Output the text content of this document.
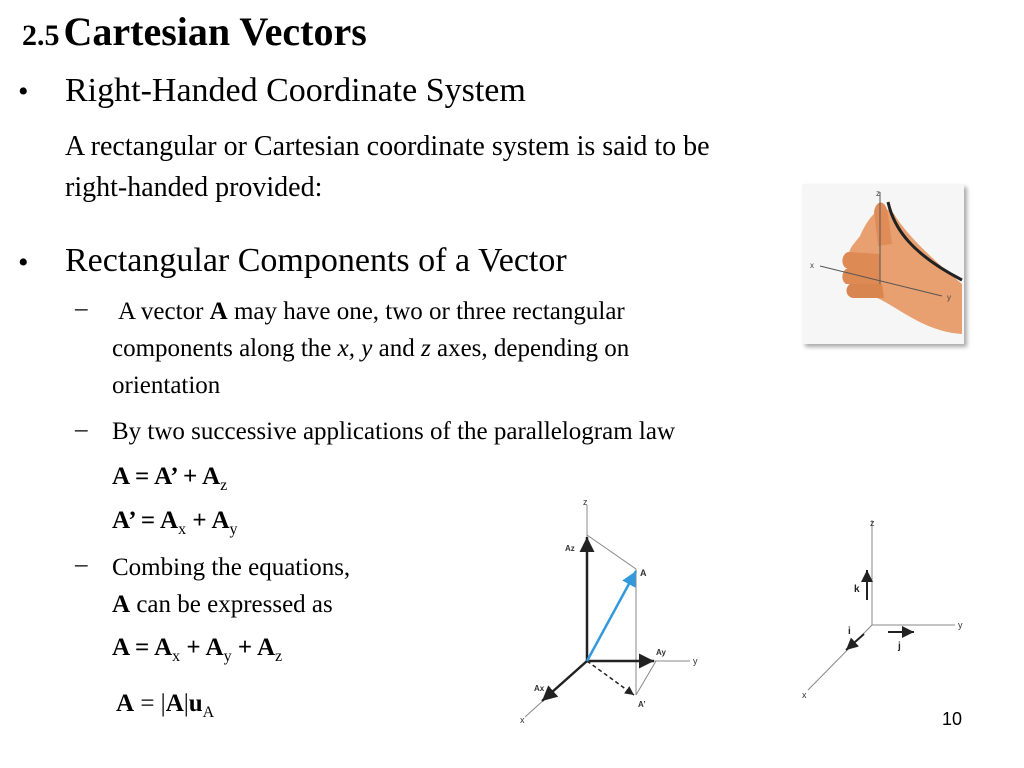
2.5 Cartesian Vectors
• Right-Handed Coordinate System
A rectangular or Cartesian coordinate system is said to be
right-handed provided:	z
x
y
• Rectangular Components of a Vector
– A vector A may have one, two or three rectangular
components along the x, y and z axes, depending on
orientation
– By two successive applications of the parallelogram law
A = A’ + $A_z$
A’ = $A_x + A_y$
– Combing the equations,
A can be expressed as
$A = A_x + A_y + A_z$
$A = |A|u_A$
z
y
x
A
Az
Ay
Ax
A’
z
y
x
k
j
i
10
